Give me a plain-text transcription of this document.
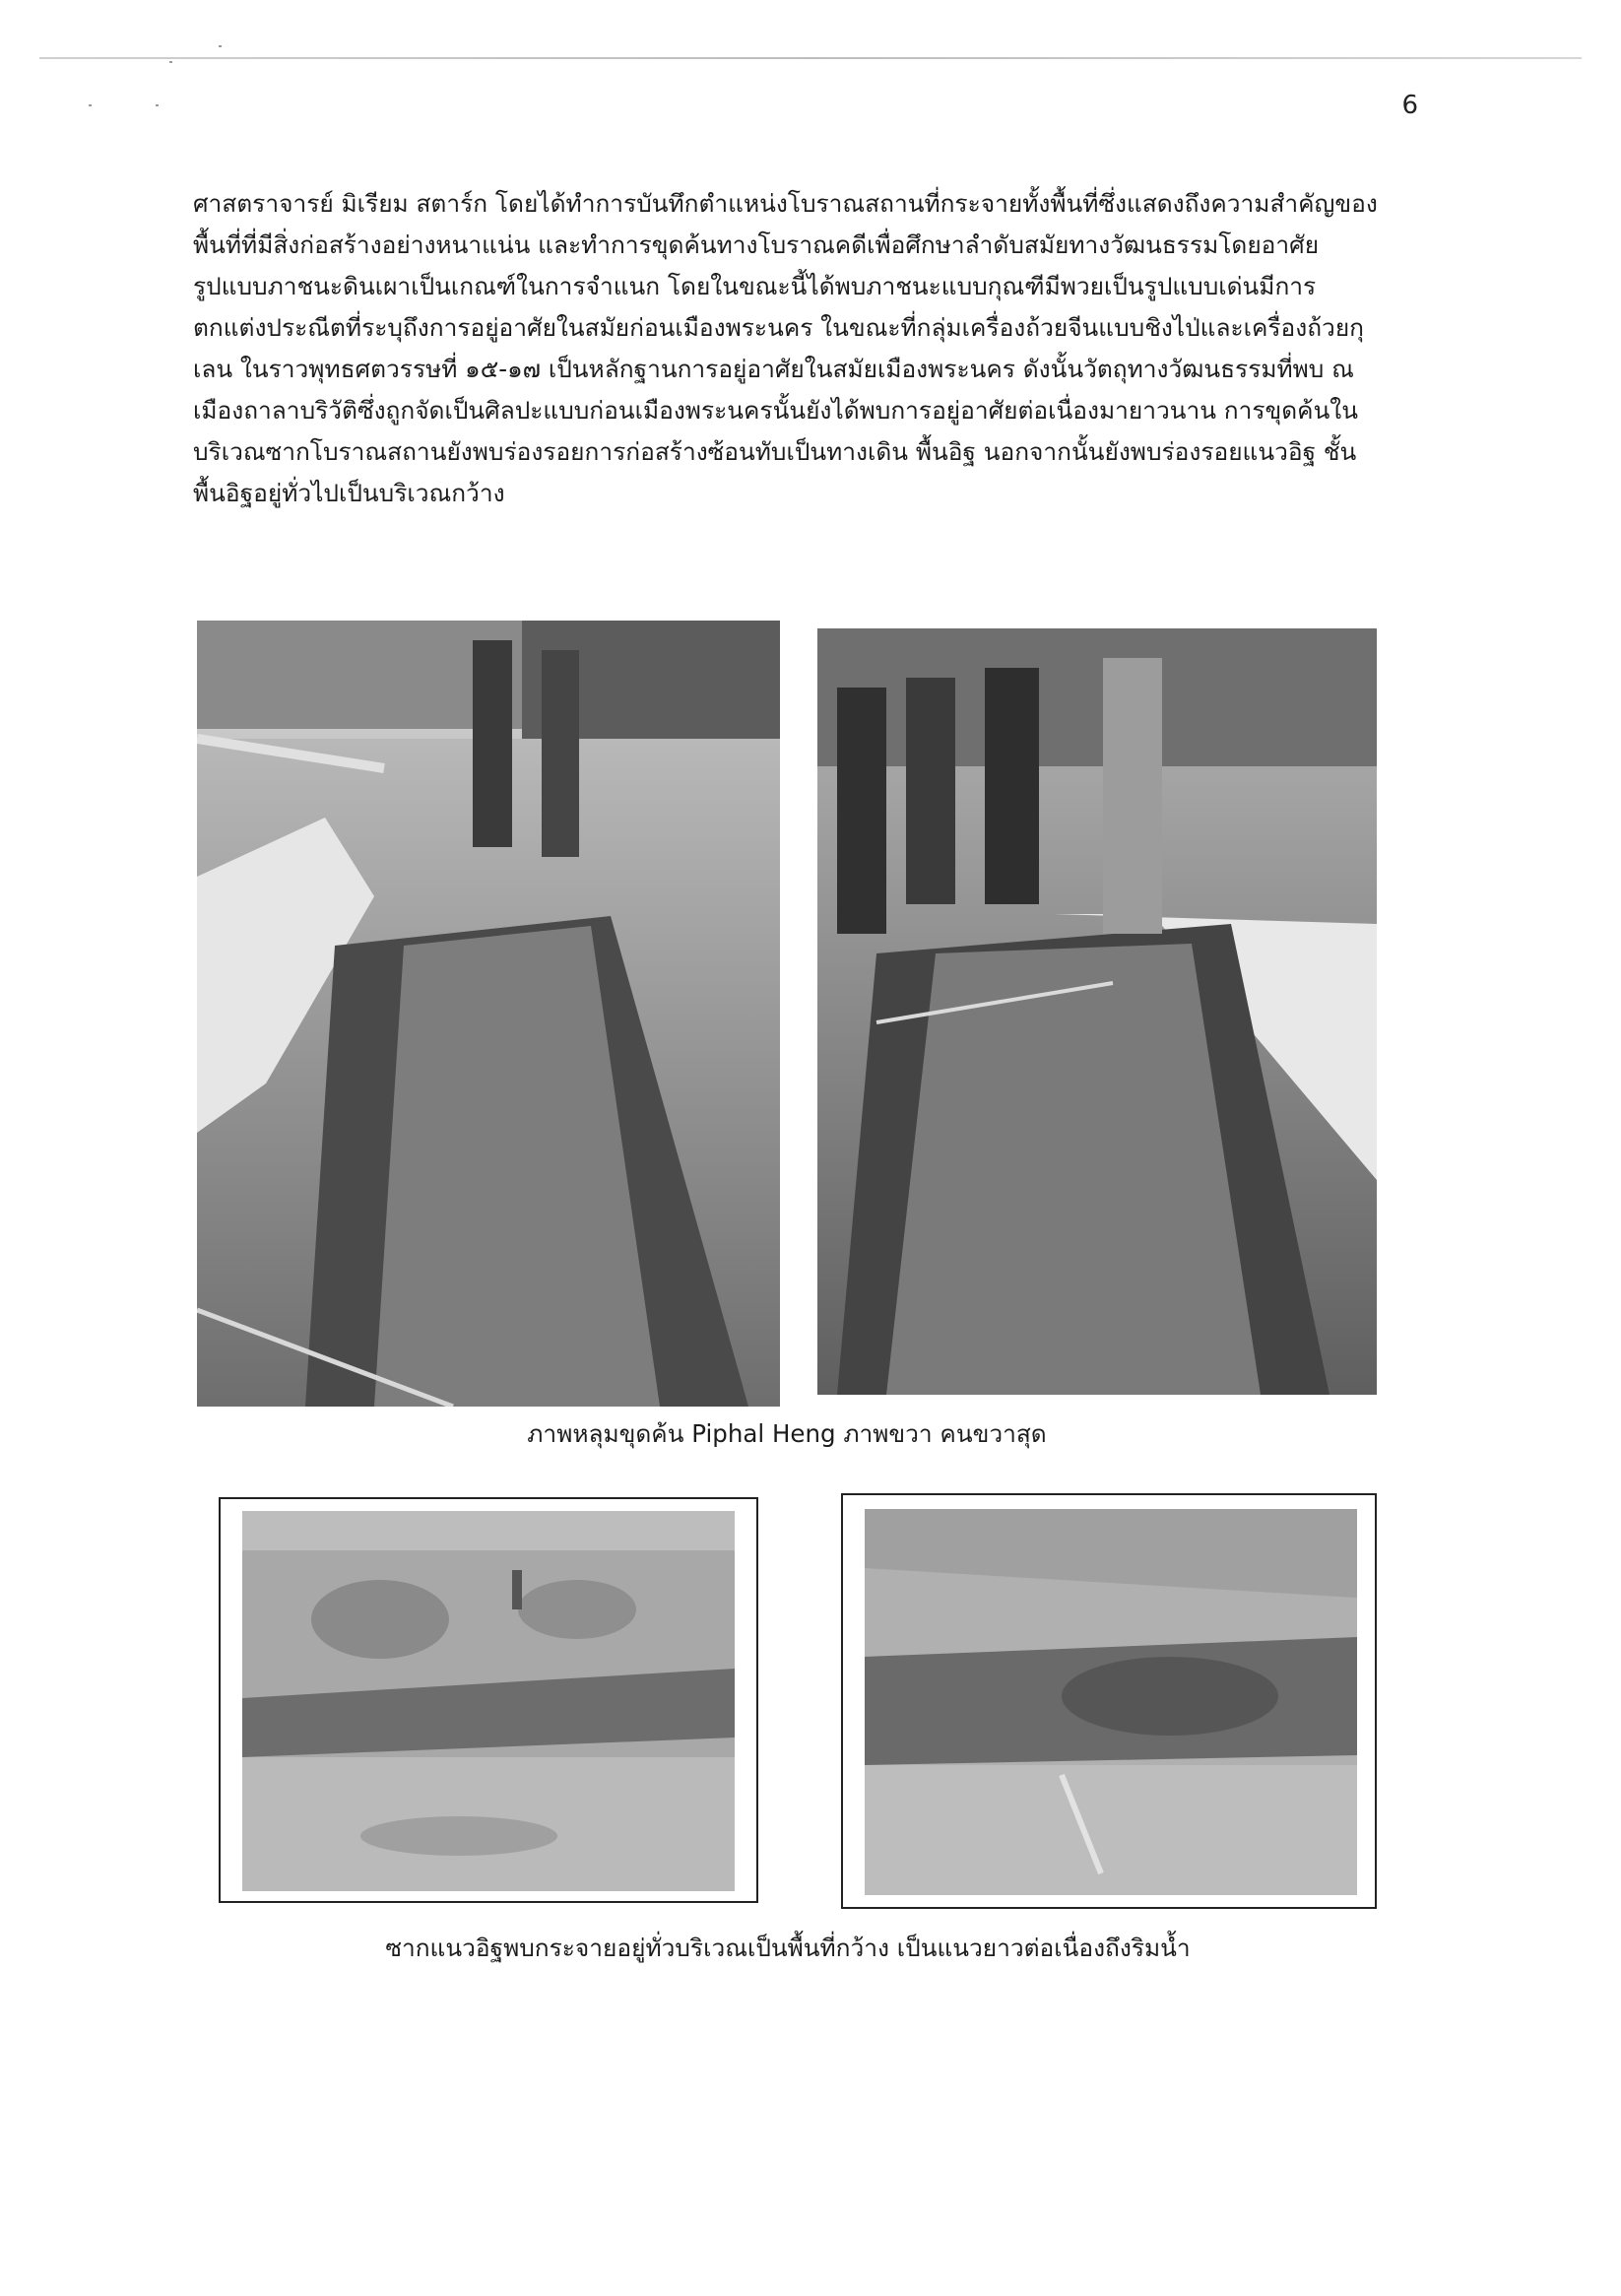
6
ศาสตราจารย์ มิเรียม สตาร์ก โดยได้ทำการบันทึกตำแหน่งโบราณสถานที่กระจายทั้งพื้นที่ซึ่งแสดงถึงความสำคัญของ
พื้นที่ที่มีสิ่งก่อสร้างอย่างหนาแน่น และทำการขุดค้นทางโบราณคดีเพื่อศึกษาลำดับสมัยทางวัฒนธรรมโดยอาศัย
รูปแบบภาชนะดินเผาเป็นเกณฑ์ในการจำแนก โดยในขณะนี้ได้พบภาชนะแบบกุณฑีมีพวยเป็นรูปแบบเด่นมีการ
ตกแต่งประณีตที่ระบุถึงการอยู่อาศัยในสมัยก่อนเมืองพระนคร ในขณะที่กลุ่มเครื่องถ้วยจีนแบบชิงไป่และเครื่องถ้วยกุ
เลน ในราวพุทธศตวรรษที่ ๑๕-๑๗ เป็นหลักฐานการอยู่อาศัยในสมัยเมืองพระนคร ดังนั้นวัตถุทางวัฒนธรรมที่พบ ณ
เมืองถาลาบริวัติซึ่งถูกจัดเป็นศิลปะแบบก่อนเมืองพระนครนั้นยังได้พบการอยู่อาศัยต่อเนื่องมายาวนาน การขุดค้นใน
บริเวณซากโบราณสถานยังพบร่องรอยการก่อสร้างซ้อนทับเป็นทางเดิน พื้นอิฐ นอกจากนั้นยังพบร่องรอยแนวอิฐ ชั้น
พื้นอิฐอยู่ทั่วไปเป็นบริเวณกว้าง
ภาพหลุมขุดค้น Piphal Heng ภาพขวา คนขวาสุด
ซากแนวอิฐพบกระจายอยู่ทั่วบริเวณเป็นพื้นที่กว้าง เป็นแนวยาวต่อเนื่องถึงริมน้ำ
